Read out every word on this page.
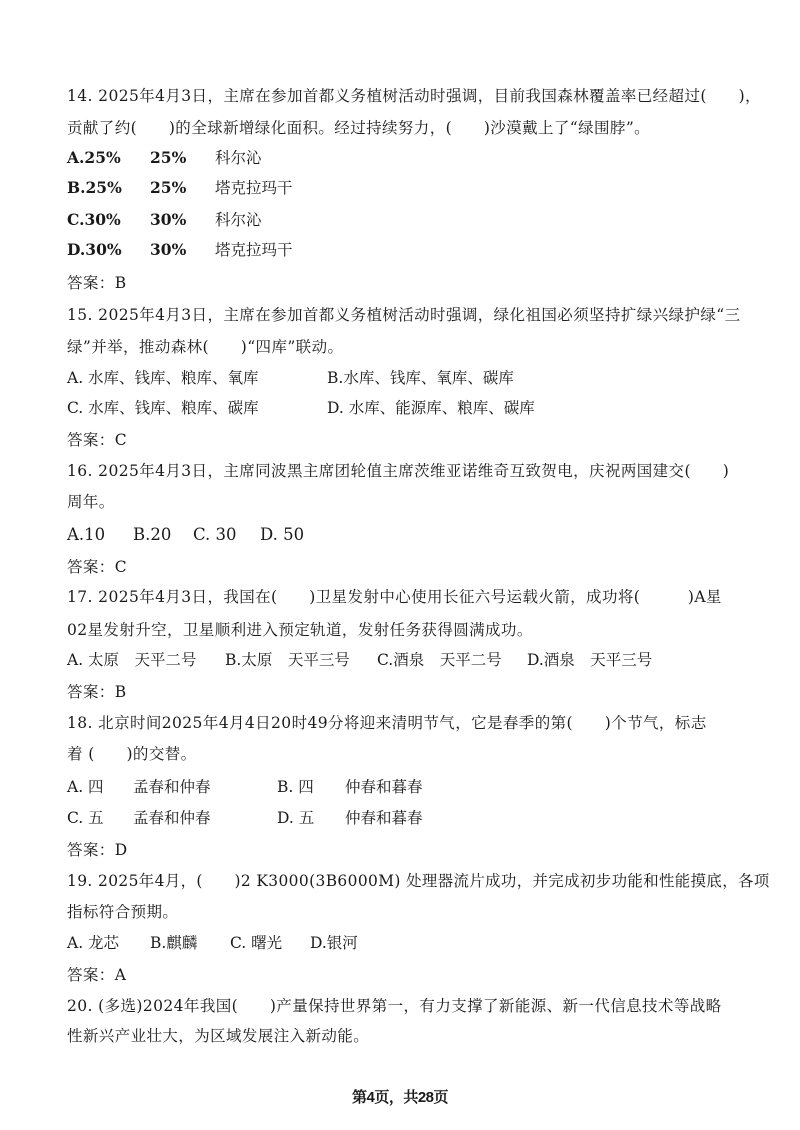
14. 2025年4月3日，主席在参加首都义务植树活动时强调，目前我国森林覆盖率已经超过(　　)，
贡献了约(　　)的全球新增绿化面积。经过持续努力，(　　)沙漠戴上了“绿围脖”。
A.25% 25% 科尔沁
B.25% 25% 塔克拉玛干
C.30% 30% 科尔沁
D.30% 30% 塔克拉玛干
答案：B
15. 2025年4月3日，主席在参加首都义务植树活动时强调，绿化祖国必须坚持扩绿兴绿护绿“三
绿”并举，推动森林(　　)“四库”联动。
A. 水库、钱库、粮库、氧库	B.水库、钱库、氧库、碳库
C. 水库、钱库、粮库、碳库	D. 水库、能源库、粮库、碳库
答案：C
16. 2025年4月3日，主席同波黑主席团轮值主席茨维亚诺维奇互致贺电，庆祝两国建交(　　)
周年。
A.10 B.20 C. 30 D. 50
答案：C
17. 2025年4月3日，我国在(　　)卫星发射中心使用长征六号运载火箭，成功将(　　　)A星
02星发射升空，卫星顺利进入预定轨道，发射任务获得圆满成功。
A. 太原　天平二号 B.太原　天平三号 C.酒泉　天平二号 D.酒泉　天平三号
答案：B
18. 北京时间2025年4月4日20时49分将迎来清明节气，它是春季的第(　　)个节气，标志
着 (　　)的交替。
A. 四 孟春和仲春	B. 四 仲春和暮春
C. 五 孟春和仲春	D. 五 仲春和暮春
答案：D
19. 2025年4月，(　　)2 K3000(3B6000M) 处理器流片成功，并完成初步功能和性能摸底，各项
指标符合预期。
A. 龙芯 B.麒麟 C. 曙光 D.银河
答案：A
20. (多选)2024年我国(　　)产量保持世界第一，有力支撑了新能源、新一代信息技术等战略
性新兴产业壮大，为区域发展注入新动能。
第4页，共28页
